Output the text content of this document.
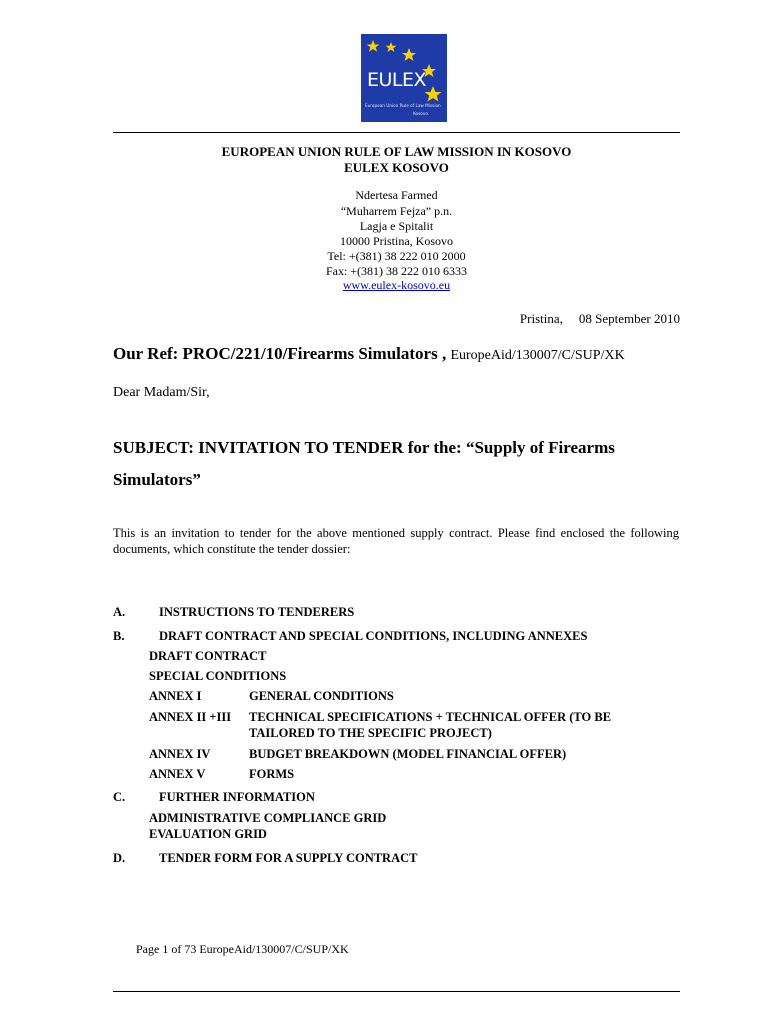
EULEX
European Union Rule of Law Mission
Kosovo
EUROPEAN UNION RULE OF LAW MISSION IN KOSOVO
EULEX KOSOVO
Ndertesa Farmed
“Muharrem Fejza” p.n.
Lagja e Spitalit
10000 Pristina, Kosovo
Tel: +(381) 38 222 010 2000
Fax: +(381) 38 222 010 6333
www.eulex-kosovo.eu
Pristina, 08 September 2010
Our Ref: PROC/221/10/Firearms Simulators , EuropeAid/130007/C/SUP/XK
Dear Madam/Sir,
SUBJECT: INVITATION TO TENDER for the: “Supply of Firearms
Simulators”
This is an invitation to tender for the above mentioned supply contract. Please find enclosed the following documents, which constitute the tender dossier:
A.	INSTRUCTIONS TO TENDERERS
B.	DRAFT CONTRACT AND SPECIAL CONDITIONS, INCLUDING ANNEXES
DRAFT CONTRACT
SPECIAL CONDITIONS
ANNEX I	GENERAL CONDITIONS
ANNEX II +III	TECHNICAL SPECIFICATIONS + TECHNICAL OFFER (TO BE TAILORED TO THE SPECIFIC PROJECT)
ANNEX IV	BUDGET BREAKDOWN (MODEL FINANCIAL OFFER)
ANNEX V	FORMS
C.	FURTHER INFORMATION
ADMINISTRATIVE COMPLIANCE GRID
EVALUATION GRID
D.	TENDER FORM FOR A SUPPLY CONTRACT
Page 1 of 73 EuropeAid/130007/C/SUP/XK
